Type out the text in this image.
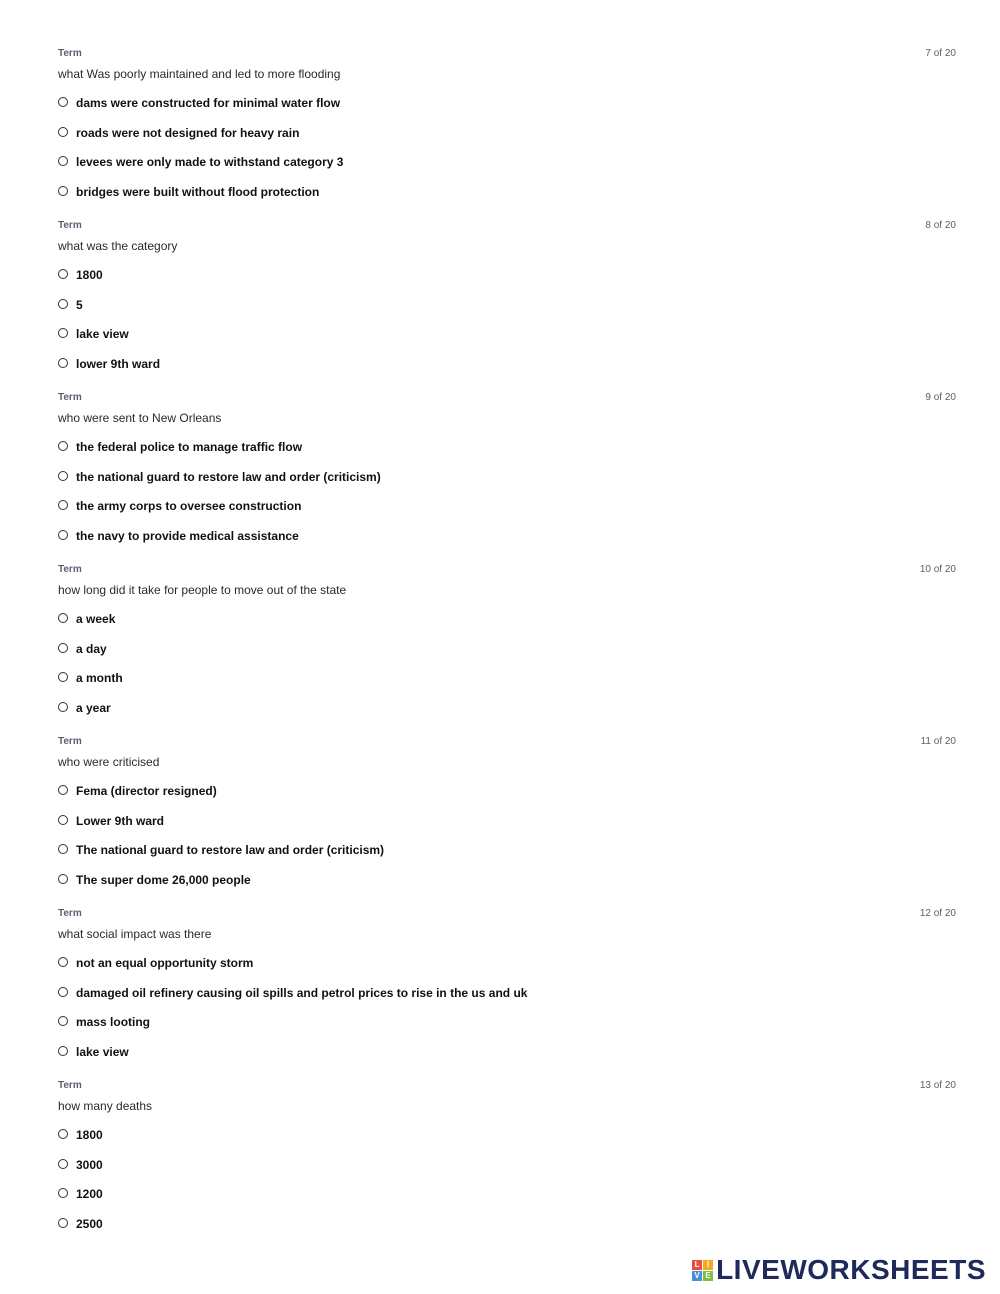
Term	7 of 20
what Was poorly maintained and led to more flooding
dams were constructed for minimal water flow
roads were not designed for heavy rain
levees were only made to withstand category 3
bridges were built without flood protection
Term	8 of 20
what was the category
1800
5
lake view
lower 9th ward
Term	9 of 20
who were sent to New Orleans
the federal police to manage traffic flow
the national guard to restore law and order (criticism)
the army corps to oversee construction
the navy to provide medical assistance
Term	10 of 20
how long did it take for people to move out of the state
a week
a day
a month
a year
Term	11 of 20
who were criticised
Fema (director resigned)
Lower 9th ward
The national guard to restore law and order (criticism)
The super dome 26,000 people
Term	12 of 20
what social impact was there
not an equal opportunity storm
damaged oil refinery causing oil spills and petrol prices to rise in the us and uk
mass looting
lake view
Term	13 of 20
how many deaths
1800
3000
1200
2500
L I
V E LIVEWORKSHEETS
